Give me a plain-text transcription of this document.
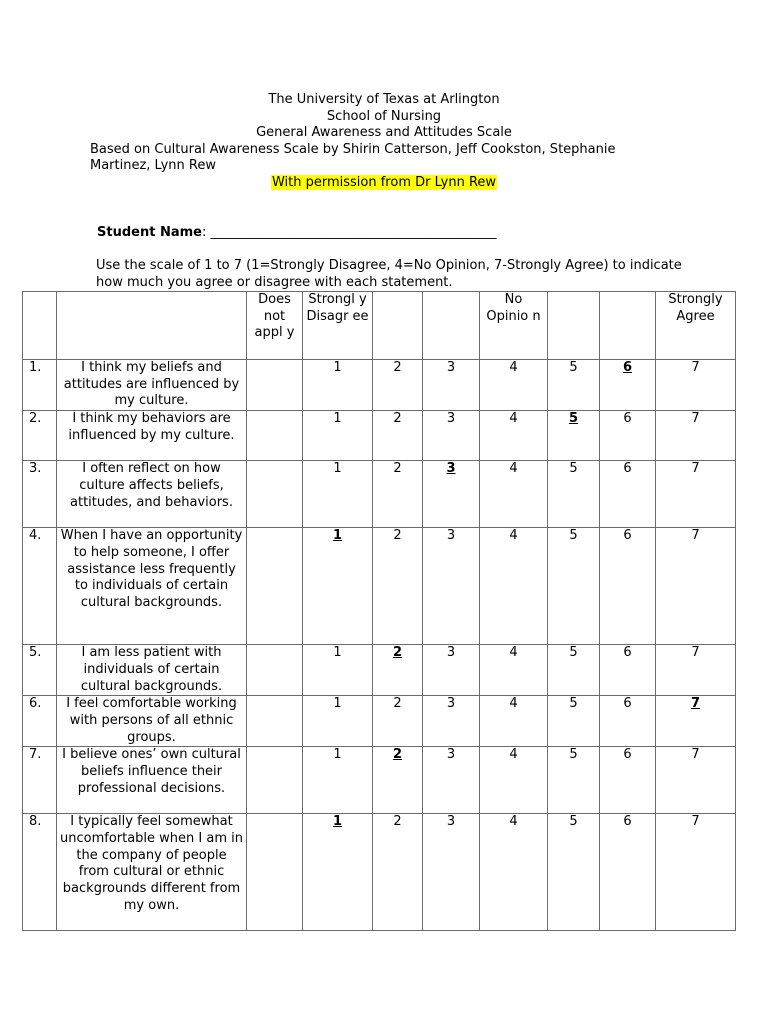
The University of Texas at Arlington

School of Nursing

General Awareness and Attitudes Scale

Based on Cultural Awareness Scale by Shirin Catterson, Jeff Cookston, Stephanie Martinez, Lynn Rew

With permission from Dr Lynn Rew
Student Name: ____________________________________________
Use the scale of 1 to 7 (1=Strongly Disagree, 4=No Opinion, 7-Strongly Agree) to indicate how much you agree or disagree with each statement.
		Does not appl y	Strongl y Disagr ee			No Opinio n			Strongly Agree
1.	I think my beliefs and attitudes are influenced by my culture.		1	2	3	4	5	6	7
2.	I think my behaviors are influenced by my culture.		1	2	3	4	5	6	7
3.	I often reflect on how culture affects beliefs, attitudes, and behaviors.		1	2	3	4	5	6	7
4.	When I have an opportunity to help someone, I offer assistance less frequently to individuals of certain cultural backgrounds.		1	2	3	4	5	6	7
5.	I am less patient with individuals of certain cultural backgrounds.		1	2	3	4	5	6	7
6.	I feel comfortable working with persons of all ethnic groups.		1	2	3	4	5	6	7
7.	I believe ones’ own cultural beliefs influence their professional decisions.		1	2	3	4	5	6	7
8.	I typically feel somewhat uncomfortable when I am in the company of people from cultural or ethnic backgrounds different from my own.		1	2	3	4	5	6	7
